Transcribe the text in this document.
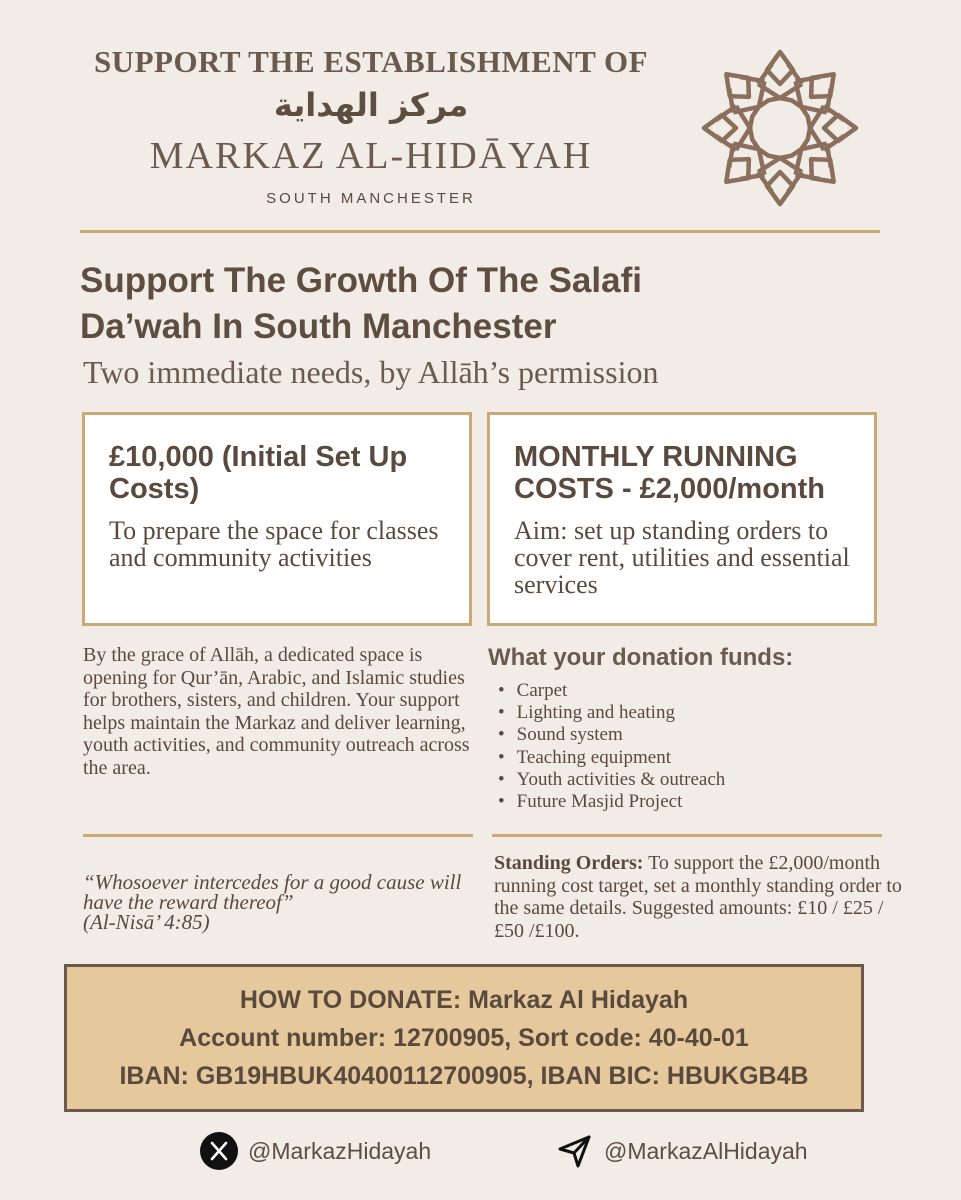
SUPPORT THE ESTABLISHMENT OF
مركز الهداية
MARKAZ AL-HIDĀYAH
SOUTH MANCHESTER
Support The Growth Of The Salafi
Da’wah In South Manchester
Two immediate needs, by Allāh’s permission
£10,000 (Initial Set Up Costs)
To prepare the space for classes and community activities
MONTHLY RUNNING COSTS - £2,000/month
Aim: set up standing orders to cover rent, utilities and essential services
By the grace of Allāh, a dedicated space is opening for Qur’ān, Arabic, and Islamic studies for brothers, sisters, and children. Your support helps maintain the Markaz and deliver learning, youth activities, and community outreach across the area.
What your donation funds:
• Carpet
• Lighting and heating
• Sound system
• Teaching equipment
• Youth activities & outreach
• Future Masjid Project
“Whosoever intercedes for a good cause will have the reward thereof”
(Al-Nisā’ 4:85)
Standing Orders: To support the £2,000/month running cost target, set a monthly standing order to the same details. Suggested amounts: £10 / £25 / £50 /£100.
HOW TO DONATE: Markaz Al Hidayah
Account number: 12700905, Sort code: 40-40-01
IBAN: GB19HBUK40400112700905, IBAN BIC: HBUKGB4B
@MarkazHidayah	@MarkazAlHidayah
